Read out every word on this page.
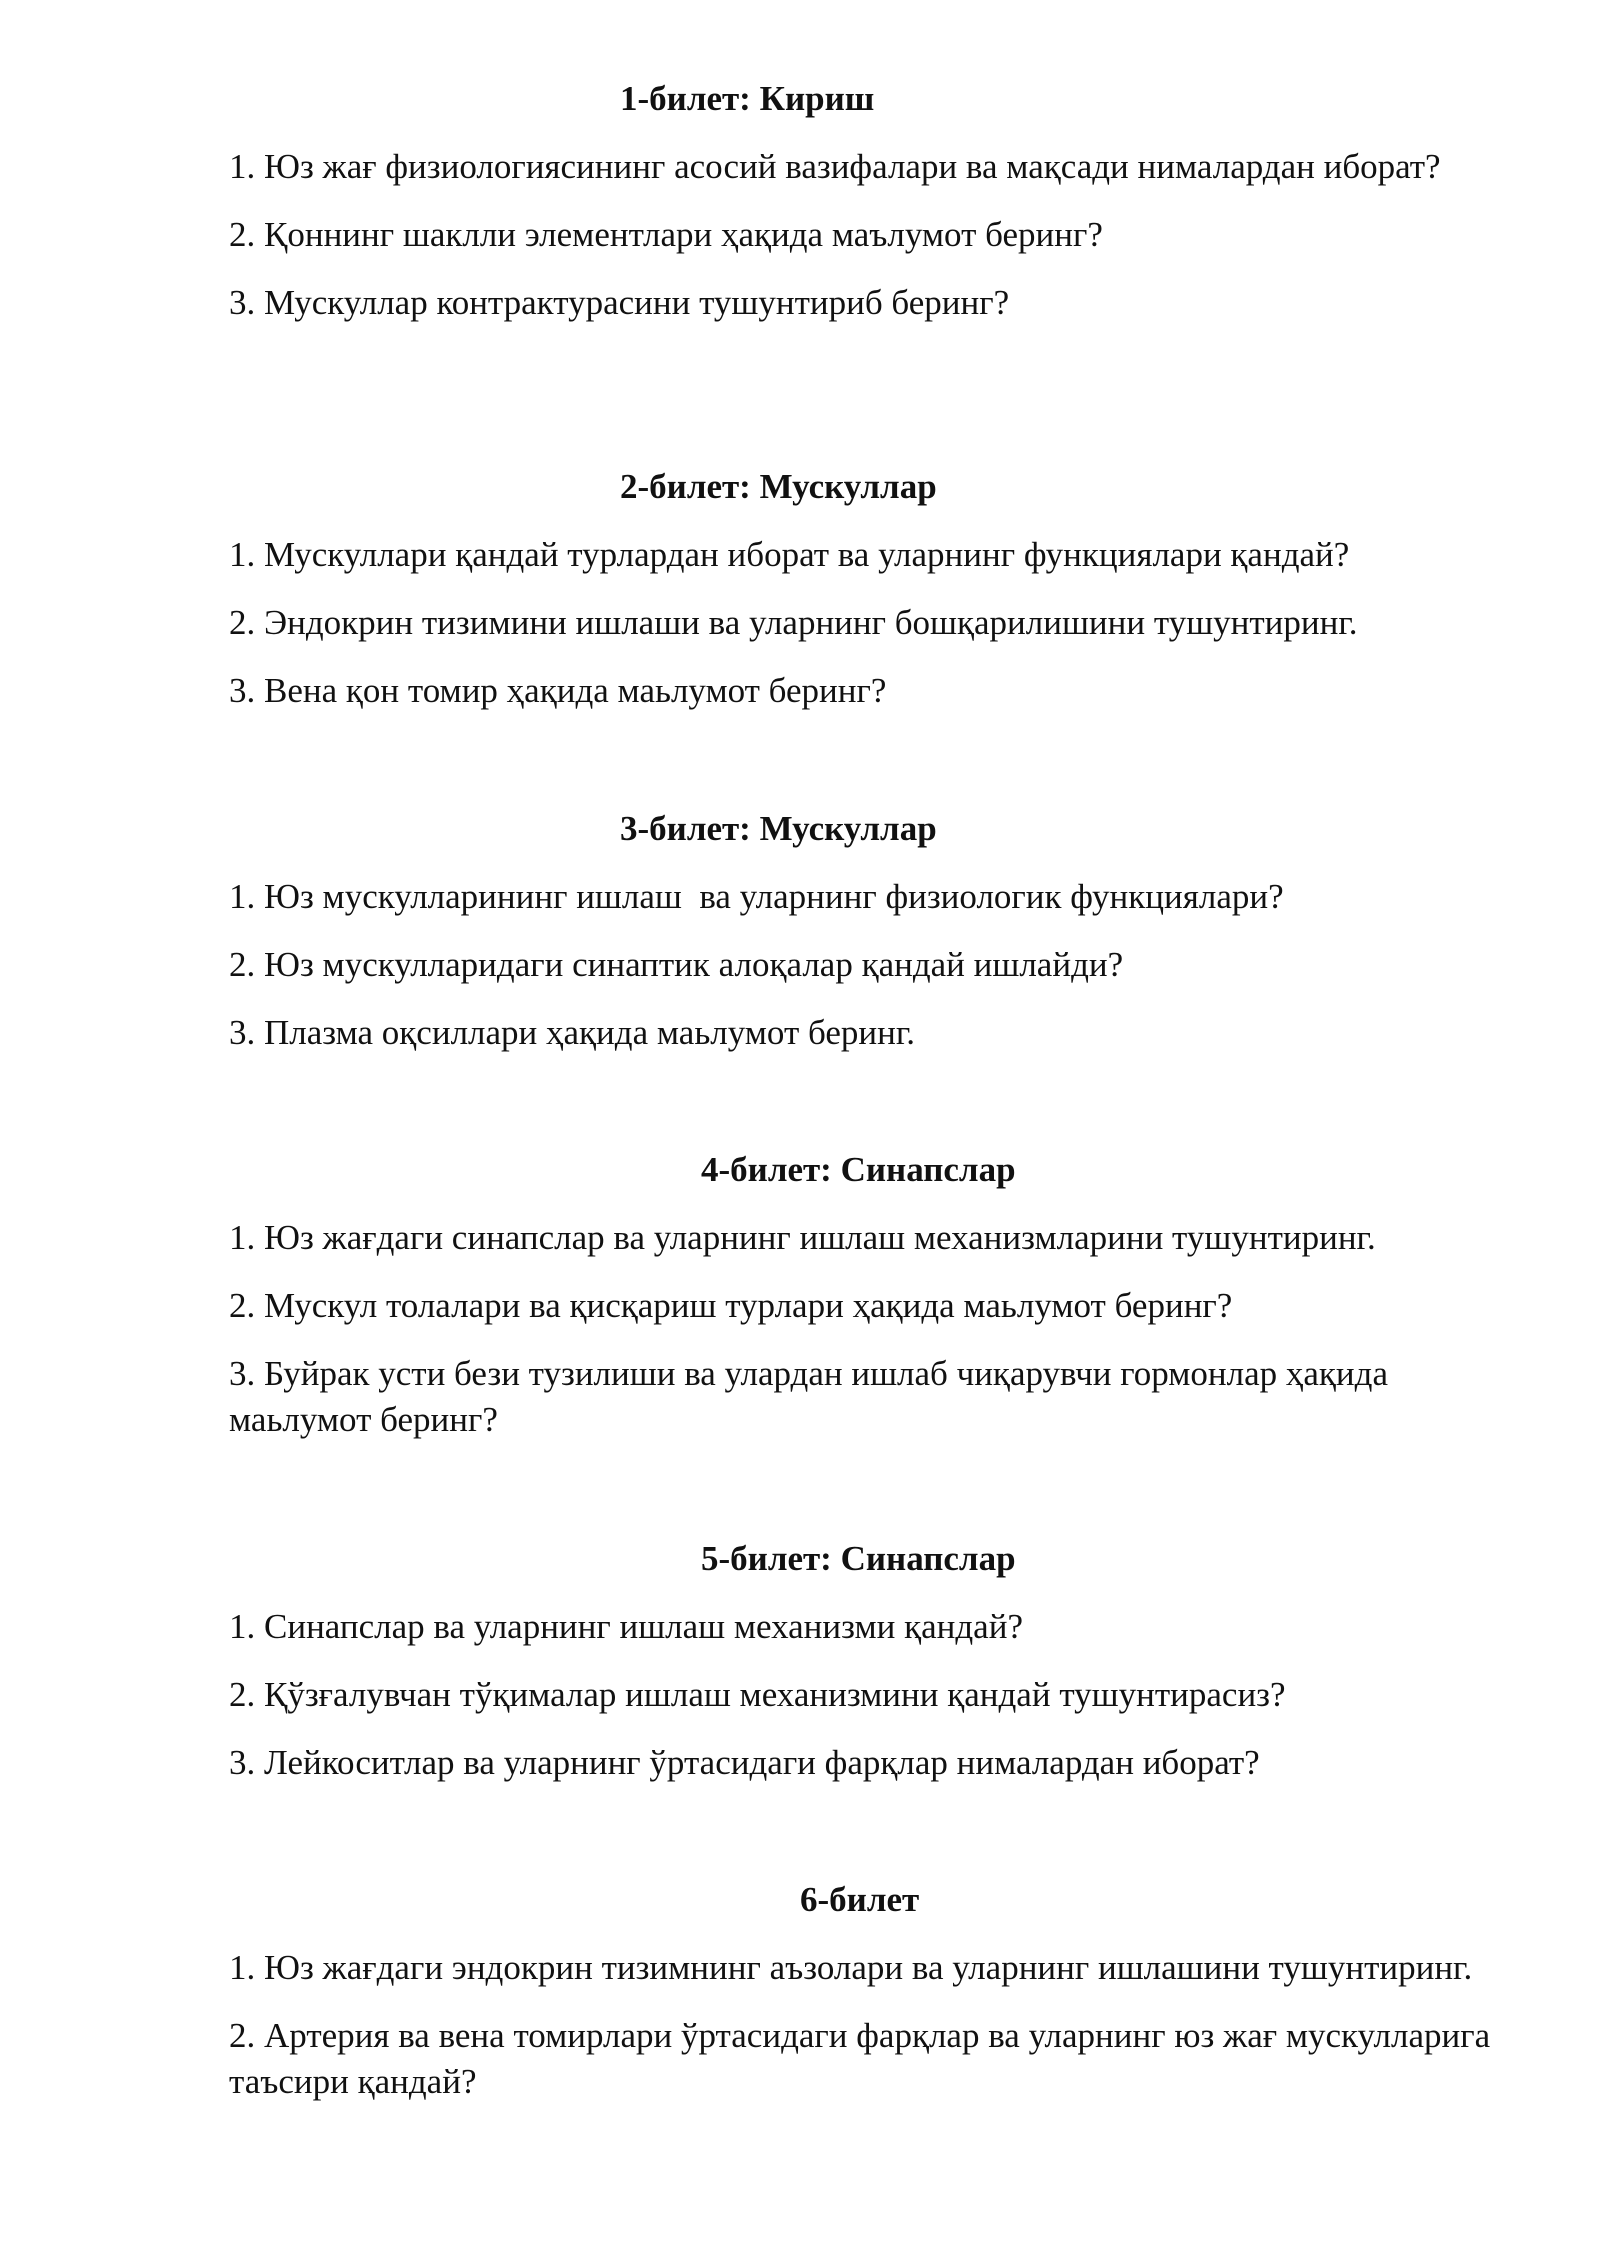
1-билет: Кириш

1. Юз жағ физиологиясининг асосий вазифалари ва мақсади нималардан иборат?

2. Қоннинг шаклли элементлари ҳақида маълумот беринг?

3. Мускуллар контрактурасини тушунтириб беринг?

2-билет: Мускуллар

1. Мускуллари қандай турлардан иборат ва уларнинг функциялари қандай?

2. Эндокрин тизимини ишлаши ва уларнинг бошқарилишини тушунтиринг.

3. Вена қон томир ҳақида маьлумот беринг?

3-билет: Мускуллар

1. Юз мускулларининг ишлаш  ва уларнинг физиологик функциялари?

2. Юз мускулларидаги синаптик алоқалар қандай ишлайди?

3. Плазма оқсиллари ҳақида маьлумот беринг.

4-билет: Синапслар

1. Юз жағдаги синапслар ва уларнинг ишлаш механизмларини тушунтиринг.

2. Мускул толалари ва қисқариш турлари ҳақида маьлумот беринг?

3. Буйрак усти бези тузилиши ва улардан ишлаб чиқарувчи гормонлар ҳақида маьлумот беринг?

5-билет: Синапслар

1. Синапслар ва уларнинг ишлаш механизми қандай?

2. Қўзғалувчан тўқималар ишлаш механизмини қандай тушунтирасиз?

3. Лейкоситлар ва уларнинг ўртасидаги фарқлар нималардан иборат?

6-билет

1. Юз жағдаги эндокрин тизимнинг аъзолари ва уларнинг ишлашини тушунтиринг.

2. Артерия ва вена томирлари ўртасидаги фарқлар ва уларнинг юз жағ мускулларига таъсири қандай?
